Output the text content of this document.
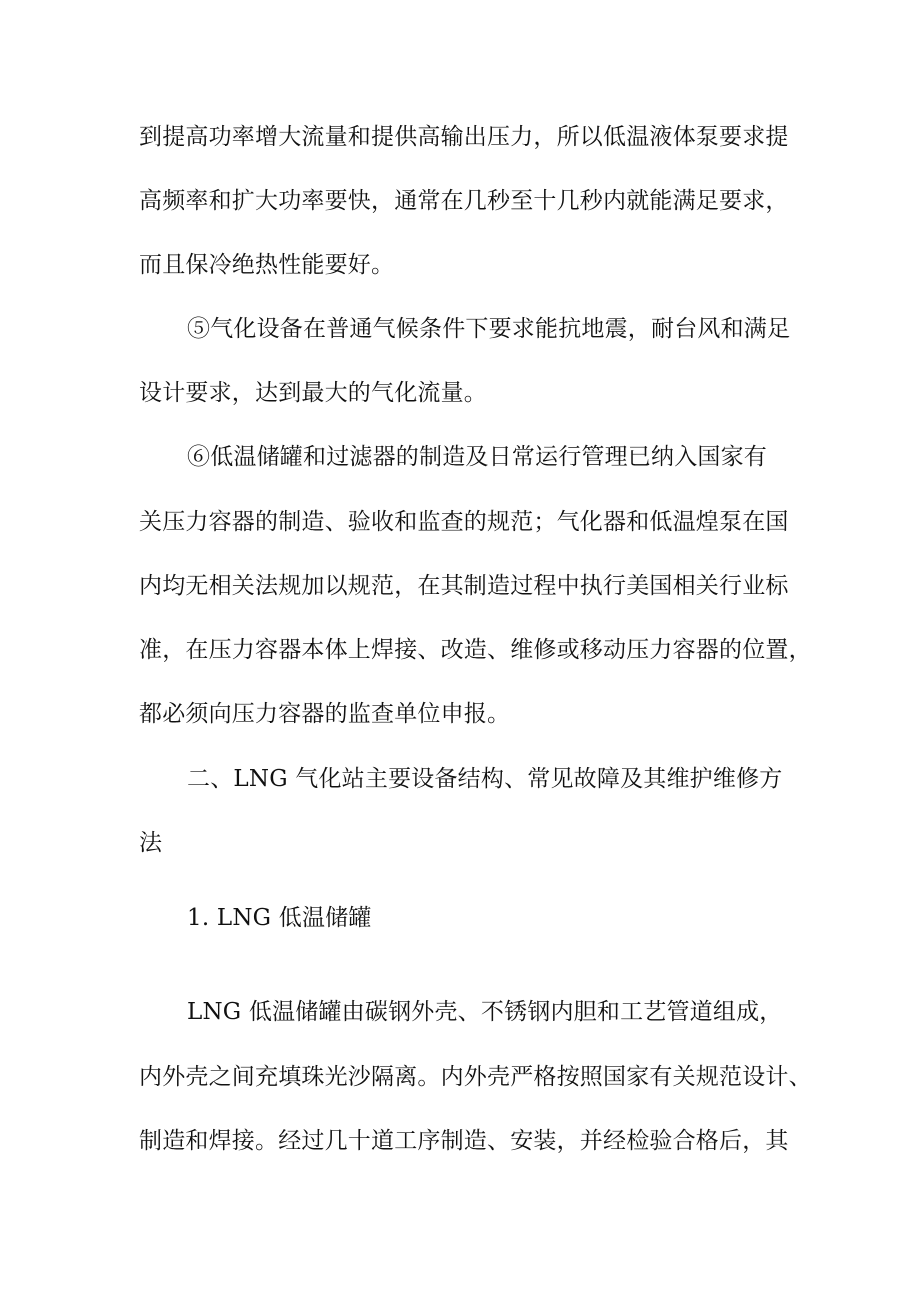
到提高功率增大流量和提供高输出压力，所以低温液体泵要求提
高频率和扩大功率要快，通常在几秒至十几秒内就能满足要求，
而且保冷绝热性能要好。
⑤气化设备在普通气候条件下要求能抗地震，耐台风和满足
设计要求，达到最大的气化流量。
⑥低温储罐和过滤器的制造及日常运行管理已纳入国家有
关压力容器的制造、验收和监查的规范；气化器和低温煌泵在国
内均无相关法规加以规范，在其制造过程中执行美国相关行业标
准，在压力容器本体上焊接、改造、维修或移动压力容器的位置，
都必须向压力容器的监查单位申报。
二、LNG 气化站主要设备结构、常见故障及其维护维修方
法
1. LNG 低温储罐
LNG 低温储罐由碳钢外壳、不锈钢内胆和工艺管道组成，
内外壳之间充填珠光沙隔离。内外壳严格按照国家有关规范设计、
制造和焊接。经过几十道工序制造、安装，并经检验合格后，其
